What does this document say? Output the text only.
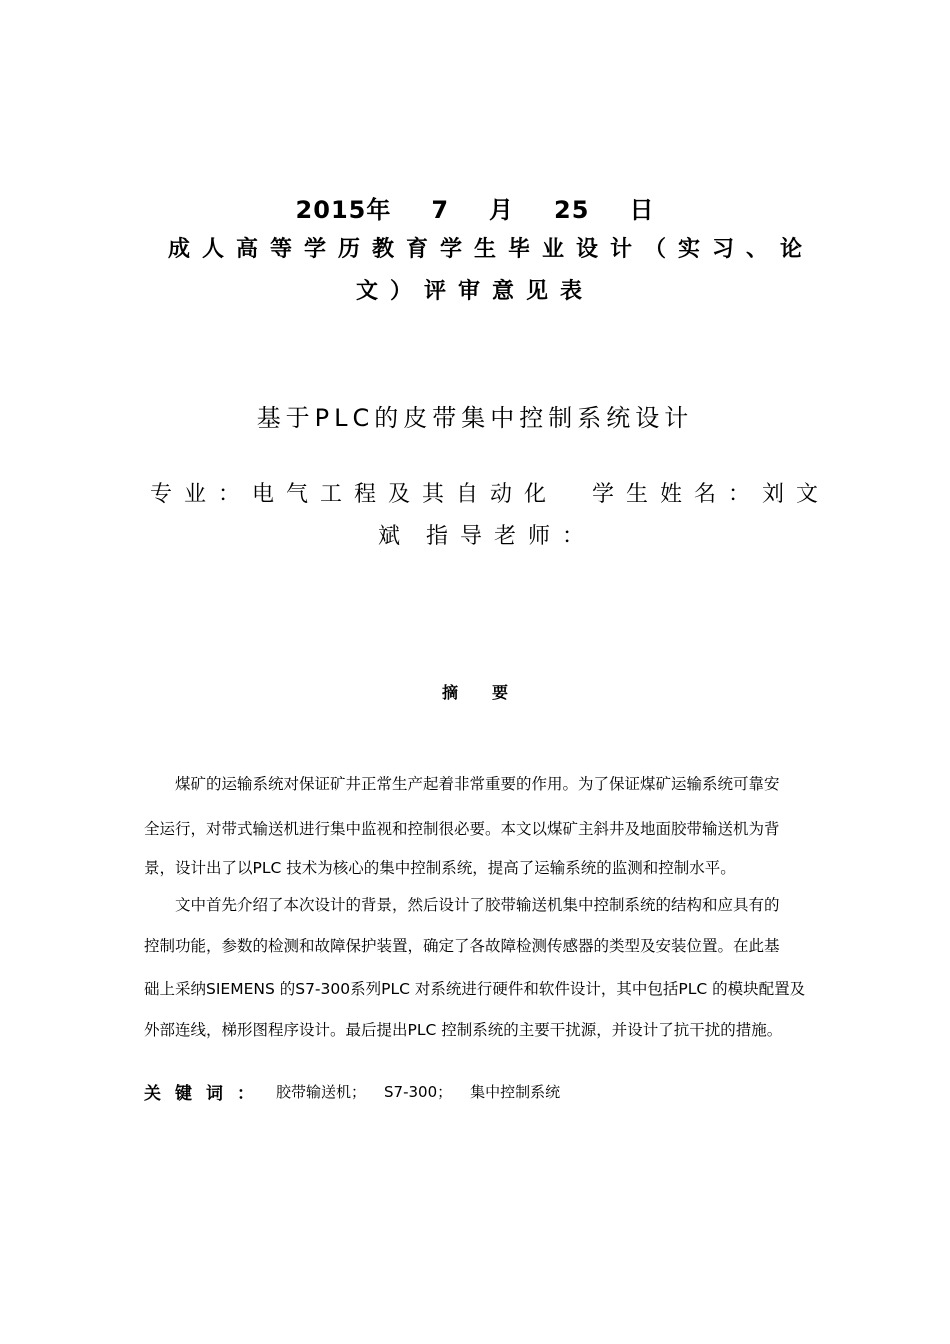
2015年 7 月 25 日
成人高等学历教育学生毕业设计（实习、论
文）评审意见表
基于PLC的皮带集中控制系统设计
专业：电气工程及其自动化 学生姓名：刘文
斌 指导老师：
摘要
　　煤矿的运输系统对保证矿井正常生产起着非常重要的作用。为了保证煤矿运输系统可靠安
全运行，对带式输送机进行集中监视和控制很必要。本文以煤矿主斜井及地面胶带输送机为背
景，设计出了以PLC 技术为核心的集中控制系统，提高了运输系统的监测和控制水平。
　　文中首先介绍了本次设计的背景，然后设计了胶带输送机集中控制系统的结构和应具有的
控制功能，参数的检测和故障保护装置，确定了各故障检测传感器的类型及安装位置。在此基
础上采纳SIEMENS 的S7-300系列PLC 对系统进行硬件和软件设计，其中包括PLC 的模块配置及
外部连线，梯形图程序设计。最后提出PLC 控制系统的主要干扰源，并设计了抗干扰的措施。
关键词： 胶带输送机； S7-300； 集中控制系统
